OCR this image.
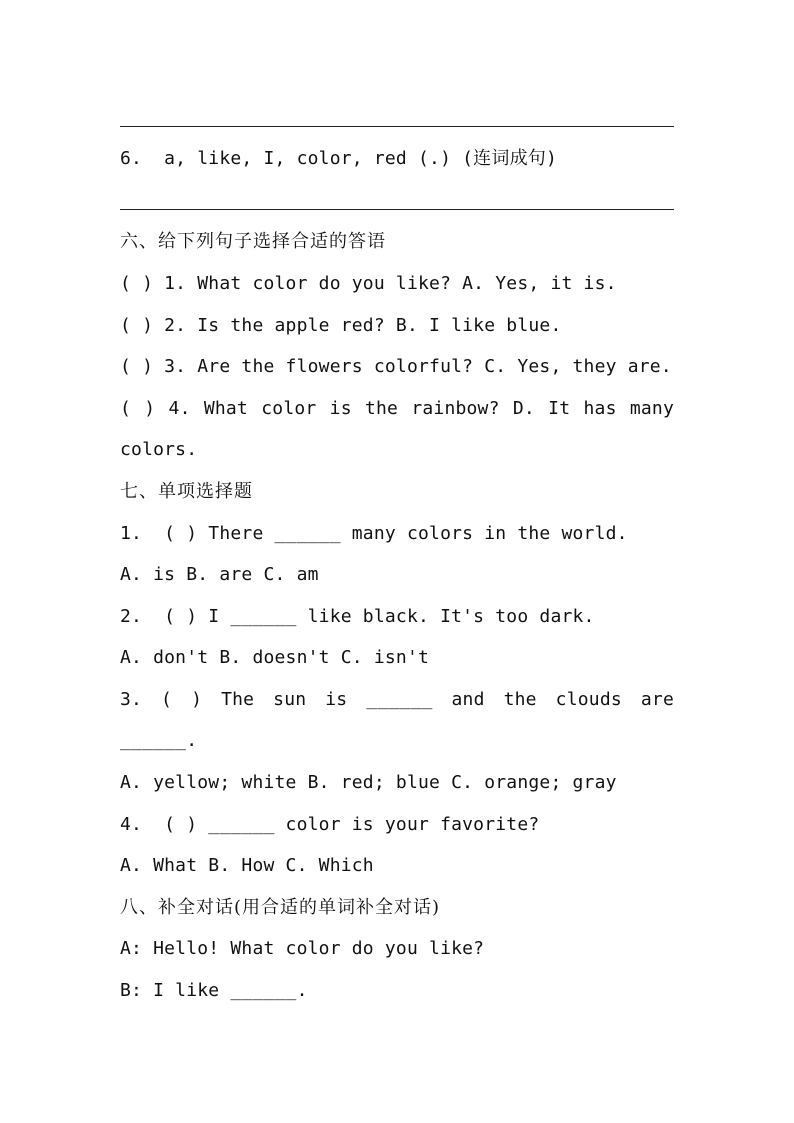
6.  a, like, I, color, red (.) (连词成句)
六、给下列句子选择合适的答语
( ) 1. What color do you like? A. Yes, it is.
( ) 2. Is the apple red? B. I like blue.
( ) 3. Are the flowers colorful? C. Yes, they are.
( ) 4. What color is the rainbow? D. It has many
colors.
七、单项选择题
1.  ( ) There ______ many colors in the world.
A. is B. are C. am
2.  ( ) I ______ like black. It's too dark.
A. don't B. doesn't C. isn't
3. ( ) The sun is ______ and the clouds are
______.
A. yellow; white B. red; blue C. orange; gray
4.  ( ) ______ color is your favorite?
A. What B. How C. Which
八、补全对话(用合适的单词补全对话)
A: Hello! What color do you like?
B: I like ______.
